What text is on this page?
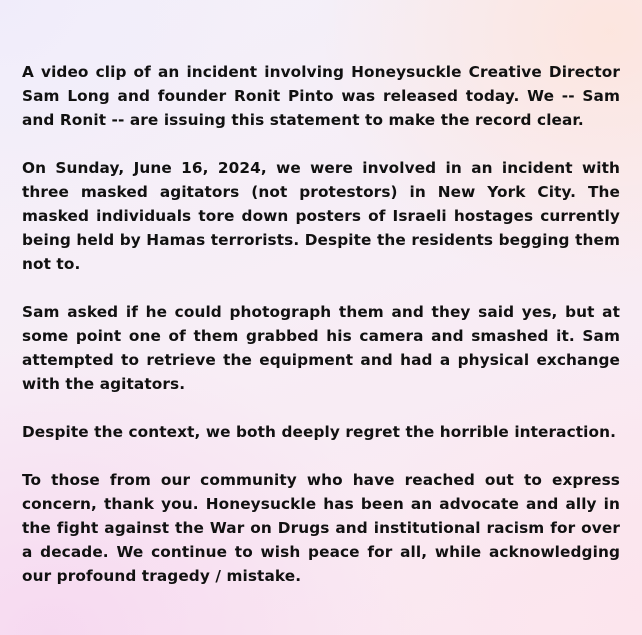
A video clip of an incident involving Honeysuckle Creative Director Sam Long and founder Ronit Pinto was released today. We -- Sam and Ronit -- are issuing this statement to make the record clear.

On Sunday, June 16, 2024, we were involved in an incident with three masked agitators (not protestors) in New York City. The masked individuals tore down posters of Israeli hostages currently being held by Hamas terrorists. Despite the residents begging them not to.

Sam asked if he could photograph them and they said yes, but at some point one of them grabbed his camera and smashed it. Sam attempted to retrieve the equipment and had a physical exchange with the agitators.

Despite the context, we both deeply regret the horrible interaction.

To those from our community who have reached out to express concern, thank you. Honeysuckle has been an advocate and ally in the fight against the War on Drugs and institutional racism for over a decade. We continue to wish peace for all, while acknowledging our profound tragedy / mistake.
